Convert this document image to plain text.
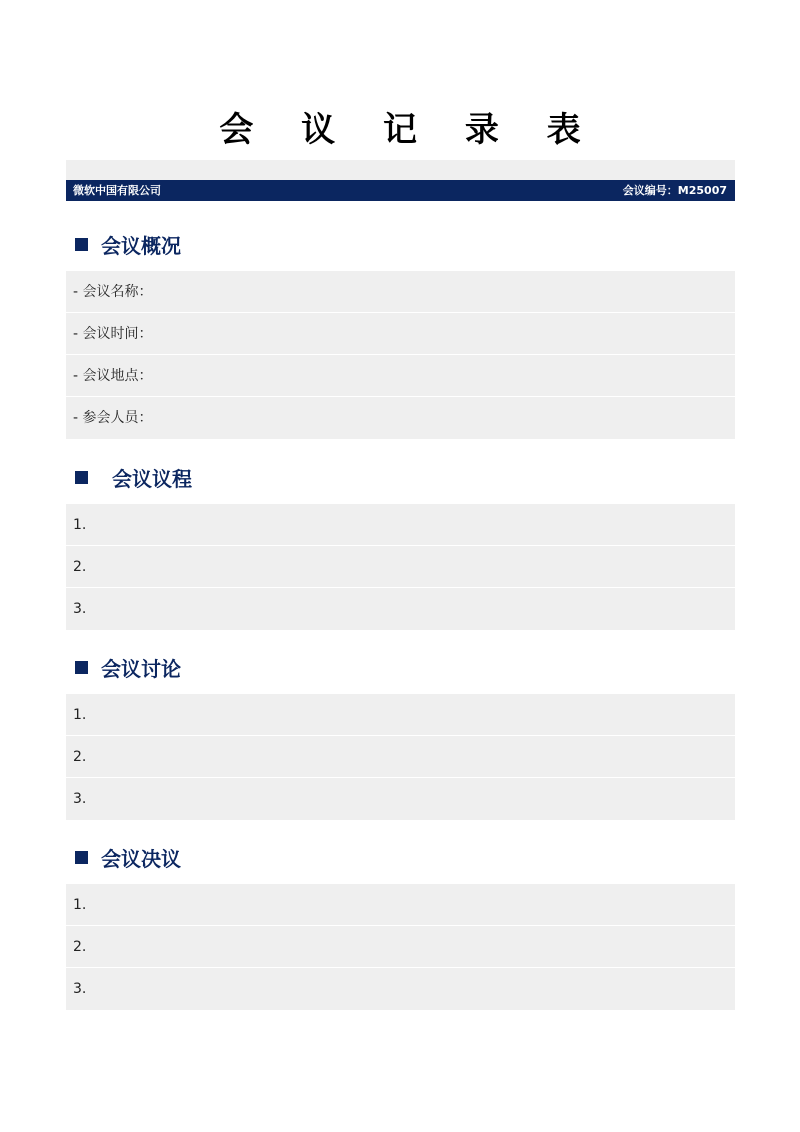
会 议 记 录 表
微软中国有限公司	会议编号：M25007
会议概况
- 会议名称：
- 会议时间：
- 会议地点：
- 参会人员：
会议议程
1.
2.
3.
会议讨论
1.
2.
3.
会议决议
1.
2.
3.
